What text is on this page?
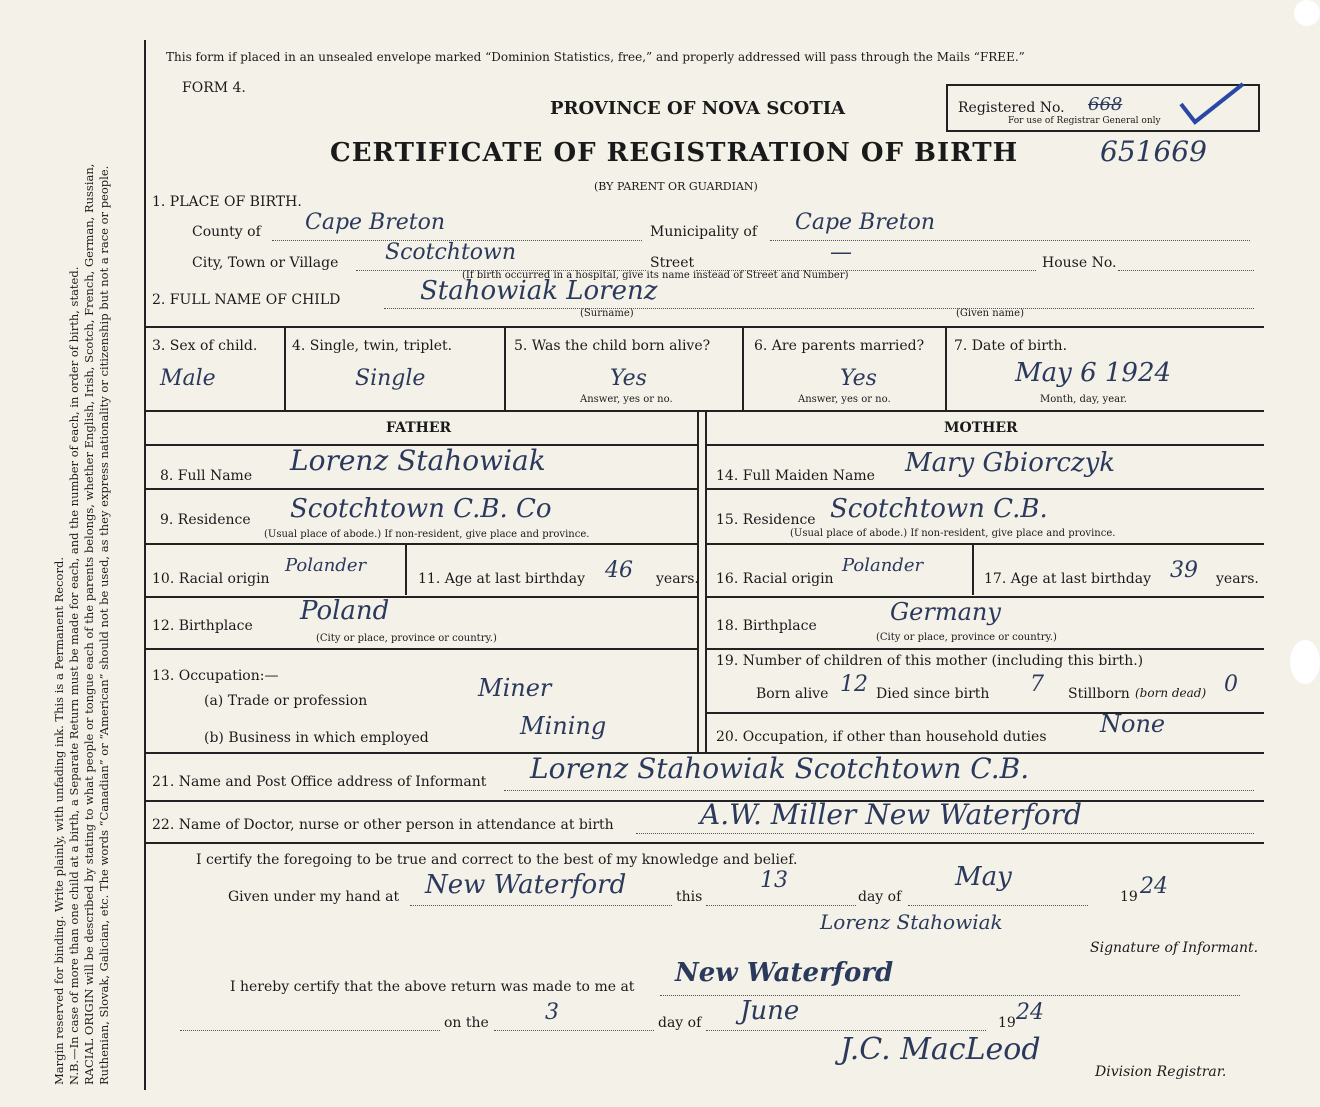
Margin reserved for binding. Write plainly, with unfading ink. This is a Permanent Record. N.B.—In case of more than one child at a birth, a Separate Return must be made for each, and the number of each, in order of birth, stated. RACIAL ORIGIN will be described by stating to what people or tongue each of the parents belongs, whether English, Irish, Scotch, French, German, Russian, Ruthenian, Slovak, Galician, etc. The words “Canadian” or “American” should not be used, as they express nationality or citizenship but not a race or people.
This form if placed in an unsealed envelope marked “Dominion Statistics, free,” and properly addressed will pass through the Mails “FREE.”
FORM 4.
PROVINCE OF NOVA SCOTIA
CERTIFICATE OF REGISTRATION OF BIRTH
(BY PARENT OR GUARDIAN)
Registered No. 668
For use of Registrar General only
651669
1. PLACE OF BIRTH.
County of Cape Breton	Municipality of Cape Breton
City, Town or Village Scotchtown	Street	—	House No.
(If birth occurred in a hospital, give its name instead of Street and Number)
2. FULL NAME OF CHILD	Stahowiak Lorenz
(Surname)	(Given name)
3. Sex of child.
Male
4. Single, twin, triplet.
Single
5. Was the child born alive?
Yes
Answer, yes or no.
6. Are parents married?
Yes
Answer, yes or no.
7. Date of birth.
May 6 1924
Month, day, year.
FATHER	MOTHER
8. Full Name Lorenz Stahowiak
9. Residence Scotchtown C.B. Co
(Usual place of abode.) If non-resident, give place and province.
10. Racial origin
Polander
11. Age at last birthday 46 years.
12. Birthplace Poland
(City or place, province or country.)
13. Occupation:—
(a) Trade or profession	Miner
(b) Business in which employed	Mining
14. Full Maiden Name Mary Gbiorczyk
15. Residence Scotchtown C.B.
(Usual place of abode.) If non-resident, give place and province.
16. Racial origin
Polander
17. Age at last birthday 39 years.
18. Birthplace	Germany
(City or place, province or country.)
19. Number of children of this mother (including this birth.)
Born alive 12 Died since birth 7 Stillborn (born dead) 0
20. Occupation, if other than household duties None
21. Name and Post Office address of Informant Lorenz Stahowiak Scotchtown C.B.
22. Name of Doctor, nurse or other person in attendance at birth	A.W. Miller New Waterford
I certify the foregoing to be true and correct to the best of my knowledge and belief.
Given under my hand at New Waterford	this
13
day of
May
19 24
Lorenz Stahowiak
Signature of Informant.
I hereby certify that the above return was made to me at New Waterford
on the	3	day of June	19 24
J.C. MacLeod
Division Registrar.
